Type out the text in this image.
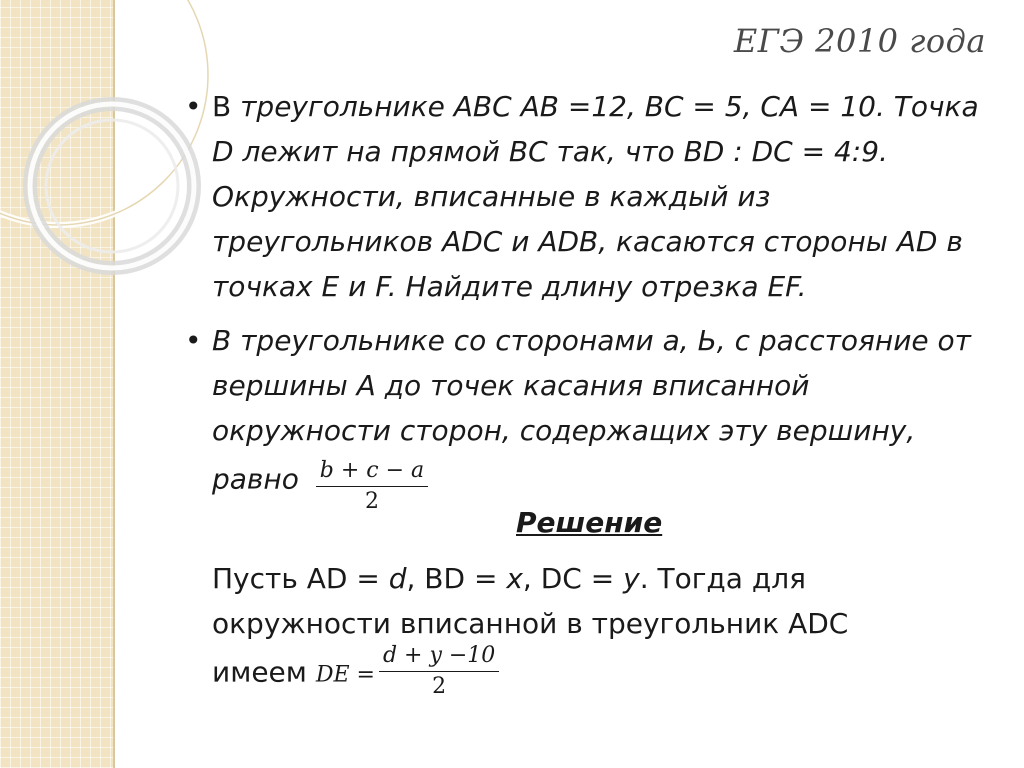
ЕГЭ 2010 года
• В треугольнике АВС АВ =12, ВС = 5, СА = 10. Точка D лежит на прямой ВС так, что BD : DC = 4:9. Окружности, вписанные в каждый из треугольников ADC и ADB, касаются стороны AD в точках E и F. Найдите длину отрезка EF.
• В треугольнике со сторонами a, Ь, с расстояние от вершины А до точек касания вписанной окружности сторон, содержащих эту вершину, равно $\frac{b + c - a}{2}$
Решение
Пусть AD = d, BD = x, DC = y. Тогда для окружности вписанной в треугольник ADC имеем DE = $\frac{d + y -10}{2}$
